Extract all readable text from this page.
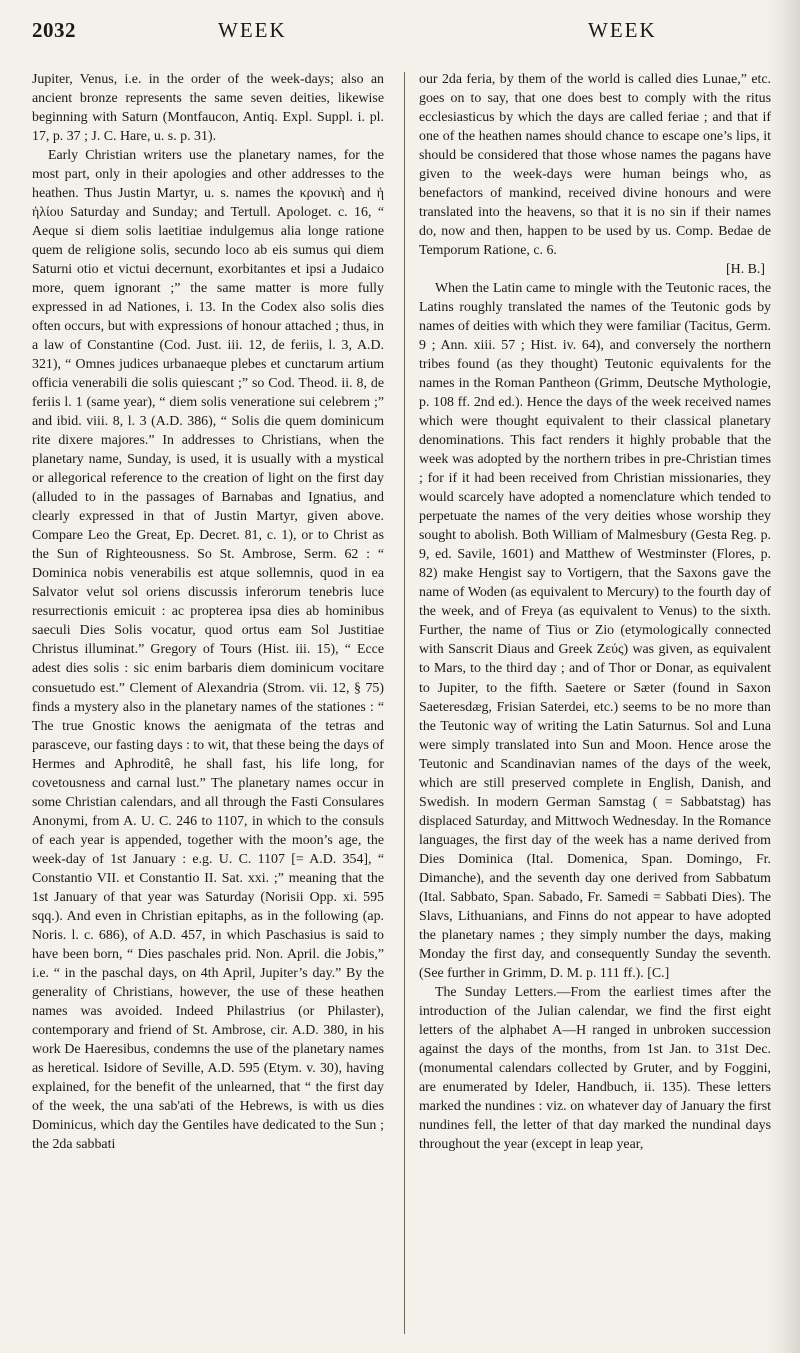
2032	WEEK	WEEK

Jupiter, Venus, i.e. in the order of the week-days; also an ancient bronze represents the same seven deities, likewise beginning with Saturn (Montfaucon, Antiq. Expl. Suppl. i. pl. 17, p. 37 ; J. C. Hare, u. s. p. 31).

Early Christian writers use the planetary names, for the most part, only in their apologies and other addresses to the heathen. Thus Justin Martyr, u. s. names the κρονικὴ and ἡ ἡλίου Saturday and Sunday; and Tertull. Apologet. c. 16, “ Aeque si diem solis laetitiae indulgemus alia longe ratione quem de religione solis, secundo loco ab eis sumus qui diem Saturni otio et victui decernunt, exorbitantes et ipsi a Judaico more, quem ignorant ;” the same matter is more fully expressed in ad Nationes, i. 13. In the Codex also solis dies often occurs, but with expressions of honour attached ; thus, in a law of Constantine (Cod. Just. iii. 12, de feriis, l. 3, A.D. 321), “ Omnes judices urbanaeque plebes et cunctarum artium officia venerabili die solis quiescant ;” so Cod. Theod. ii. 8, de feriis l. 1 (same year), “ diem solis veneratione sui celebrem ;” and ibid. viii. 8, l. 3 (A.D. 386), “ Solis die quem dominicum rite dixere majores.” In addresses to Christians, when the planetary name, Sunday, is used, it is usually with a mystical or allegorical reference to the creation of light on the first day (alluded to in the passages of Barnabas and Ignatius, and clearly expressed in that of Justin Martyr, given above. Compare Leo the Great, Ep. Decret. 81, c. 1), or to Christ as the Sun of Righteousness. So St. Ambrose, Serm. 62 : “ Dominica nobis venerabilis est atque sollemnis, quod in ea Salvator velut sol oriens discussis inferorum tenebris luce resurrectionis emicuit : ac propterea ipsa dies ab hominibus saeculi Dies Solis vocatur, quod ortus eam Sol Justitiae Christus illuminat.” Gregory of Tours (Hist. iii. 15), “ Ecce adest dies solis : sic enim barbaris diem dominicum vocitare consuetudo est.” Clement of Alexandria (Strom. vii. 12, § 75) finds a mystery also in the planetary names of the stationes : “ The true Gnostic knows the aenigmata of the tetras and parasceve, our fasting days : to wit, that these being the days of Hermes and Aphroditê, he shall fast, his life long, for covetousness and carnal lust.” The planetary names occur in some Christian calendars, and all through the Fasti Consulares Anonymi, from A. U. C. 246 to 1107, in which to the consuls of each year is appended, together with the moon’s age, the week-day of 1st January : e.g. U. C. 1107 [= A.D. 354], “ Constantio VII. et Constantio II. Sat. xxi. ;” meaning that the 1st January of that year was Saturday (Norisii Opp. xi. 595 sqq.). And even in Christian epitaphs, as in the following (ap. Noris. l. c. 686), of A.D. 457, in which Paschasius is said to have been born, “ Dies paschales prid. Non. April. die Jobis,” i.e. “ in the paschal days, on 4th April, Jupiter’s day.” By the generality of Christians, however, the use of these heathen names was avoided. Indeed Philastrius (or Philaster), contemporary and friend of St. Ambrose, cir. A.D. 380, in his work De Haeresibus, condemns the use of the planetary names as heretical. Isidore of Seville, A.D. 595 (Etym. v. 30), having explained, for the benefit of the unlearned, that “ the first day of the week, the una sab'ati of the Hebrews, is with us dies Dominicus, which day the Gentiles have dedicated to the Sun ; the 2da sabbati

our 2da feria, by them of the world is called dies Lunae,” etc. goes on to say, that one does best to comply with the ritus ecclesiasticus by which the days are called feriae ; and that if one of the heathen names should chance to escape one’s lips, it should be considered that those whose names the pagans have given to the week-days were human beings who, as benefactors of mankind, received divine honours and were translated into the heavens, so that it is no sin if their names do, now and then, happen to be used by us. Comp. Bedae de Temporum Ratione, c. 6.

[H. B.]

When the Latin came to mingle with the Teutonic races, the Latins roughly translated the names of the Teutonic gods by names of deities with which they were familiar (Tacitus, Germ. 9 ; Ann. xiii. 57 ; Hist. iv. 64), and conversely the northern tribes found (as they thought) Teutonic equivalents for the names in the Roman Pantheon (Grimm, Deutsche Mythologie, p. 108 ff. 2nd ed.). Hence the days of the week received names which were thought equivalent to their classical planetary denominations. This fact renders it highly probable that the week was adopted by the northern tribes in pre-Christian times ; for if it had been received from Christian missionaries, they would scarcely have adopted a nomenclature which tended to perpetuate the names of the very deities whose worship they sought to abolish. Both William of Malmesbury (Gesta Reg. p. 9, ed. Savile, 1601) and Matthew of Westminster (Flores, p. 82) make Hengist say to Vortigern, that the Saxons gave the name of Woden (as equivalent to Mercury) to the fourth day of the week, and of Freya (as equivalent to Venus) to the sixth. Further, the name of Tius or Zio (etymologically connected with Sanscrit Diaus and Greek Ζεύς) was given, as equivalent to Mars, to the third day ; and of Thor or Donar, as equivalent to Jupiter, to the fifth. Saetere or Sæter (found in Saxon Saeteresdæg, Frisian Saterdei, etc.) seems to be no more than the Teutonic way of writing the Latin Saturnus. Sol and Luna were simply translated into Sun and Moon. Hence arose the Teutonic and Scandinavian names of the days of the week, which are still preserved complete in English, Danish, and Swedish. In modern German Samstag ( = Sabbatstag) has displaced Saturday, and Mittwoch Wednesday. In the Romance languages, the first day of the week has a name derived from Dies Dominica (Ital. Domenica, Span. Domingo, Fr. Dimanche), and the seventh day one derived from Sabbatum (Ital. Sabbato, Span. Sabado, Fr. Samedi = Sabbati Dies). The Slavs, Lithuanians, and Finns do not appear to have adopted the planetary names ; they simply number the days, making Monday the first day, and consequently Sunday the seventh. (See further in Grimm, D. M. p. 111 ff.). [C.]

The Sunday Letters.—From the earliest times after the introduction of the Julian calendar, we find the first eight letters of the alphabet A—H ranged in unbroken succession against the days of the months, from 1st Jan. to 31st Dec. (monumental calendars collected by Gruter, and by Foggini, are enumerated by Ideler, Handbuch, ii. 135). These letters marked the nundines : viz. on whatever day of January the first nundines fell, the letter of that day marked the nundinal days throughout the year (except in leap year,
